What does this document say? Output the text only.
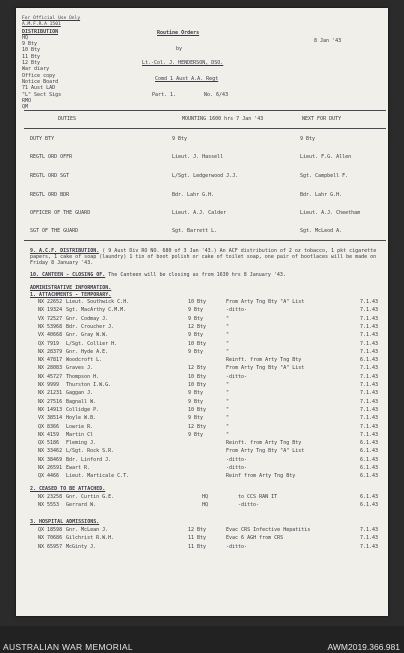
For Official Use Only
A.M.F.R.A 1501
DISTRIBUTION
HQ
9 Bty
10 Bty
11 Bty
12 Bty
War diary
Office copy
Notice Board
71 Aust LAD
"L" Sect Sigs
RMO
QM
Routine Orders
by
Lt.-Col. J. HENDERSON, DSO.
Comd 1 Aust A.A. Regt
8 Jan '43
Part. 1.	No. 6/43
DUTIES	MOUNTING 1600 hrs 7 Jan '43	NEXT FOR DUTY
DUTY BTY	9 Bty	9 Bty
REGTL ORD OFFR	Lieut. J. Hassell	Lieut. F.G. Allen
REGTL ORD SGT	L/Sgt. Ledgerwood J.J.	Sgt. Campbell F.
REGTL ORD BDR	Bdr. Lahr G.H.	Bdr. Lahr G.H.
OFFICER OF THE GUARD	Lieut. A.J. Calder	Lieut. A.J. Cheetham
SGT OF THE GUARD	Sgt. Barrett L.	Sgt. McLeod A.
9. A.C.F. DISTRIBUTION. ( 9 Aust Div RO NO. 680 of 3 Jan '43.) An ACF distribution of 2 oz tobacco, 1 pkt cigarette papers, 1 cake of soap (laundry) 1 tin of boot polish or cake of toilet soap, one pair of bootlaces will be made on Friday 8 January '43.
10. CANTEEN - CLOSING OF. The Canteen will be closing as from 1630 hrs 8 January '43.
ADMINISTRATIVE INFORMATION.
1. ATTACHMENTS - TEMPORARY.
NX 22652 Lieut. Southwick C.H.	10 Bty	From Arty Tng Bty "A" List	7.1.43
NX 19324 Sgt. MacArthy C.M.M.	9 Bty	-ditto-	7.1.43
VX 72527 Gnr. Codmay J.	9 Bty	"	7.1.43
NX 53968 Bdr. Croucher J.	12 Bty	"	7.1.43
VX 40668 Gnr. Gray W.W.	9 Bty	"	7.1.43
QX 7919 L/Sgt. Collier H.	10 Bty	"	7.1.43
NX 28379 Gnr. Hyde A.E.	9 Bty	"	7.1.43
NX 47817 Woodcroft L.	Reinft. from Arty Tng Bty	6.1.43
NX 28083 Graves J.	12 Bty	From Arty Tng Bty "A" List	7.1.43
NX 45727 Thompson H.	10 Bty	-ditto-	7.1.43
NX 9999 Thurston I.W.G.	10 Bty	"	7.1.43
NX 21231 Gaggan J.	9 Bty	"	7.1.43
NX 27516 Bagnall W.	9 Bty	"	7.1.43
NX 14913 Collidge P.	10 Bty	"	7.1.43
VX 38514 Hoyle W.B.	9 Bty	"	7.1.43
QX 8366 Lowrie R.	12 Bty	"	7.1.43
NX 4159 Martin Cl	9 Bty	"	7.1.43
QX 5186 Fleming J.	Reinft. from Arty Tng Bty	6.1.43
NX 33462 L/Sgt. Rock S.R.	From Arty Tng Bty "A" List	6.1.43
NX 38469 Bdr. Linford J.	-ditto-	6.1.43
NX 26591 Ewart R.	-ditto-	6.1.43
QX 4466 Lieut. Marticale C.T.	Reinf from Arty Tng Bty	6.1.43
2. CEASED TO BE ATTACHED.
NX 23258 Gnr. Curtin G.E.	HQ	to CCS RAN IT	6.1.43
NX 5553 Gerrard W.	HQ	-ditto-	6.1.43
3. HOSPITAL ADMISSIONS.
QX 18598 Gnr. McLean J.	12 Bty	Evac CRS Infective Hepatitis	7.1.43
NX 70686 Gilchrist R.W.H.	11 Bty	Evac 6 AGH from CRS	7.1.43
NX 65957 McGinty J.	11 Bty	-ditto-	7.1.43
AUSTRALIAN WAR MEMORIAL	AWM2019.366.981
